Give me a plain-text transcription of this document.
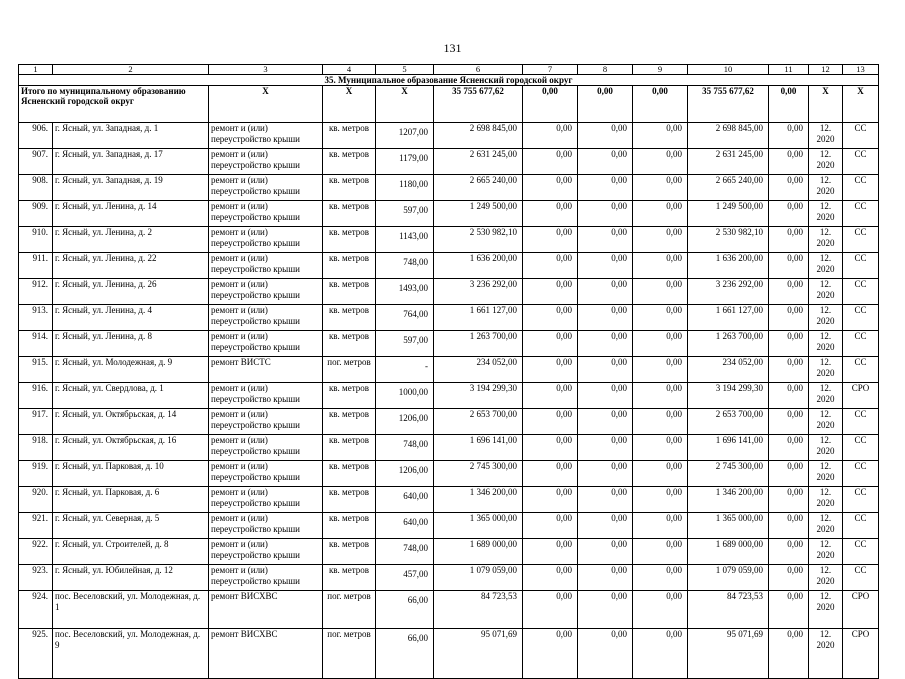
131
1	2	3	4	5	6	7	8	9	10	11	12	13
35. Муниципальное образование Ясненский городской округ												
Итого по муниципальному образованию Ясненский городской округ		X	X	X	35 755 677,62	0,00	0,00	0,00	35 755 677,62	0,00	X	X
906.	г. Ясный, ул. Западная, д. 1	ремонт и (или) переустройство крыши	кв. метров	1207,00	2 698 845,00	0,00	0,00	0,00	2 698 845,00	0,00	12. 2020	СС
907.	г. Ясный, ул. Западная, д. 17	ремонт и (или) переустройство крыши	кв. метров	1179,00	2 631 245,00	0,00	0,00	0,00	2 631 245,00	0,00	12. 2020	СС
908.	г. Ясный, ул. Западная, д. 19	ремонт и (или) переустройство крыши	кв. метров	1180,00	2 665 240,00	0,00	0,00	0,00	2 665 240,00	0,00	12. 2020	СС
909.	г. Ясный, ул. Ленина, д. 14	ремонт и (или) переустройство крыши	кв. метров	597,00	1 249 500,00	0,00	0,00	0,00	1 249 500,00	0,00	12. 2020	СС
910.	г. Ясный, ул. Ленина, д. 2	ремонт и (или) переустройство крыши	кв. метров	1143,00	2 530 982,10	0,00	0,00	0,00	2 530 982,10	0,00	12. 2020	СС
911.	г. Ясный, ул. Ленина, д. 22	ремонт и (или) переустройство крыши	кв. метров	748,00	1 636 200,00	0,00	0,00	0,00	1 636 200,00	0,00	12. 2020	СС
912.	г. Ясный, ул. Ленина, д. 26	ремонт и (или) переустройство крыши	кв. метров	1493,00	3 236 292,00	0,00	0,00	0,00	3 236 292,00	0,00	12. 2020	СС
913.	г. Ясный, ул. Ленина, д. 4	ремонт и (или) переустройство крыши	кв. метров	764,00	1 661 127,00	0,00	0,00	0,00	1 661 127,00	0,00	12. 2020	СС
914.	г. Ясный, ул. Ленина, д. 8	ремонт и (или) переустройство крыши	кв. метров	597,00	1 263 700,00	0,00	0,00	0,00	1 263 700,00	0,00	12. 2020	СС
915.	г. Ясный, ул. Молодежная, д. 9	ремонт ВИСТС	пог. метров	-	234 052,00	0,00	0,00	0,00	234 052,00	0,00	12. 2020	СС
916.	г. Ясный, ул. Свердлова, д. 1	ремонт и (или) переустройство крыши	кв. метров	1000,00	3 194 299,30	0,00	0,00	0,00	3 194 299,30	0,00	12. 2020	СРО
917.	г. Ясный, ул. Октябрьская, д. 14	ремонт и (или) переустройство крыши	кв. метров	1206,00	2 653 700,00	0,00	0,00	0,00	2 653 700,00	0,00	12. 2020	СС
918.	г. Ясный, ул. Октябрьская, д. 16	ремонт и (или) переустройство крыши	кв. метров	748,00	1 696 141,00	0,00	0,00	0,00	1 696 141,00	0,00	12. 2020	СС
919.	г. Ясный, ул. Парковая, д. 10	ремонт и (или) переустройство крыши	кв. метров	1206,00	2 745 300,00	0,00	0,00	0,00	2 745 300,00	0,00	12. 2020	СС
920.	г. Ясный, ул. Парковая, д. 6	ремонт и (или) переустройство крыши	кв. метров	640,00	1 346 200,00	0,00	0,00	0,00	1 346 200,00	0,00	12. 2020	СС
921.	г. Ясный, ул. Северная, д. 5	ремонт и (или) переустройство крыши	кв. метров	640,00	1 365 000,00	0,00	0,00	0,00	1 365 000,00	0,00	12. 2020	СС
922.	г. Ясный, ул. Строителей, д. 8	ремонт и (или) переустройство крыши	кв. метров	748,00	1 689 000,00	0,00	0,00	0,00	1 689 000,00	0,00	12. 2020	СС
923.	г. Ясный, ул. Юбилейная, д. 12	ремонт и (или) переустройство крыши	кв. метров	457,00	1 079 059,00	0,00	0,00	0,00	1 079 059,00	0,00	12. 2020	СС
924.	пос. Веселовский, ул. Молодежная, д. 1	ремонт ВИСХВС	пог. метров	66,00	84 723,53	0,00	0,00	0,00	84 723,53	0,00	12. 2020	СРО
925.	пос. Веселовский, ул. Молодежная, д. 9	ремонт ВИСХВС	пог. метров	66,00	95 071,69	0,00	0,00	0,00	95 071,69	0,00	12. 2020	СРО
